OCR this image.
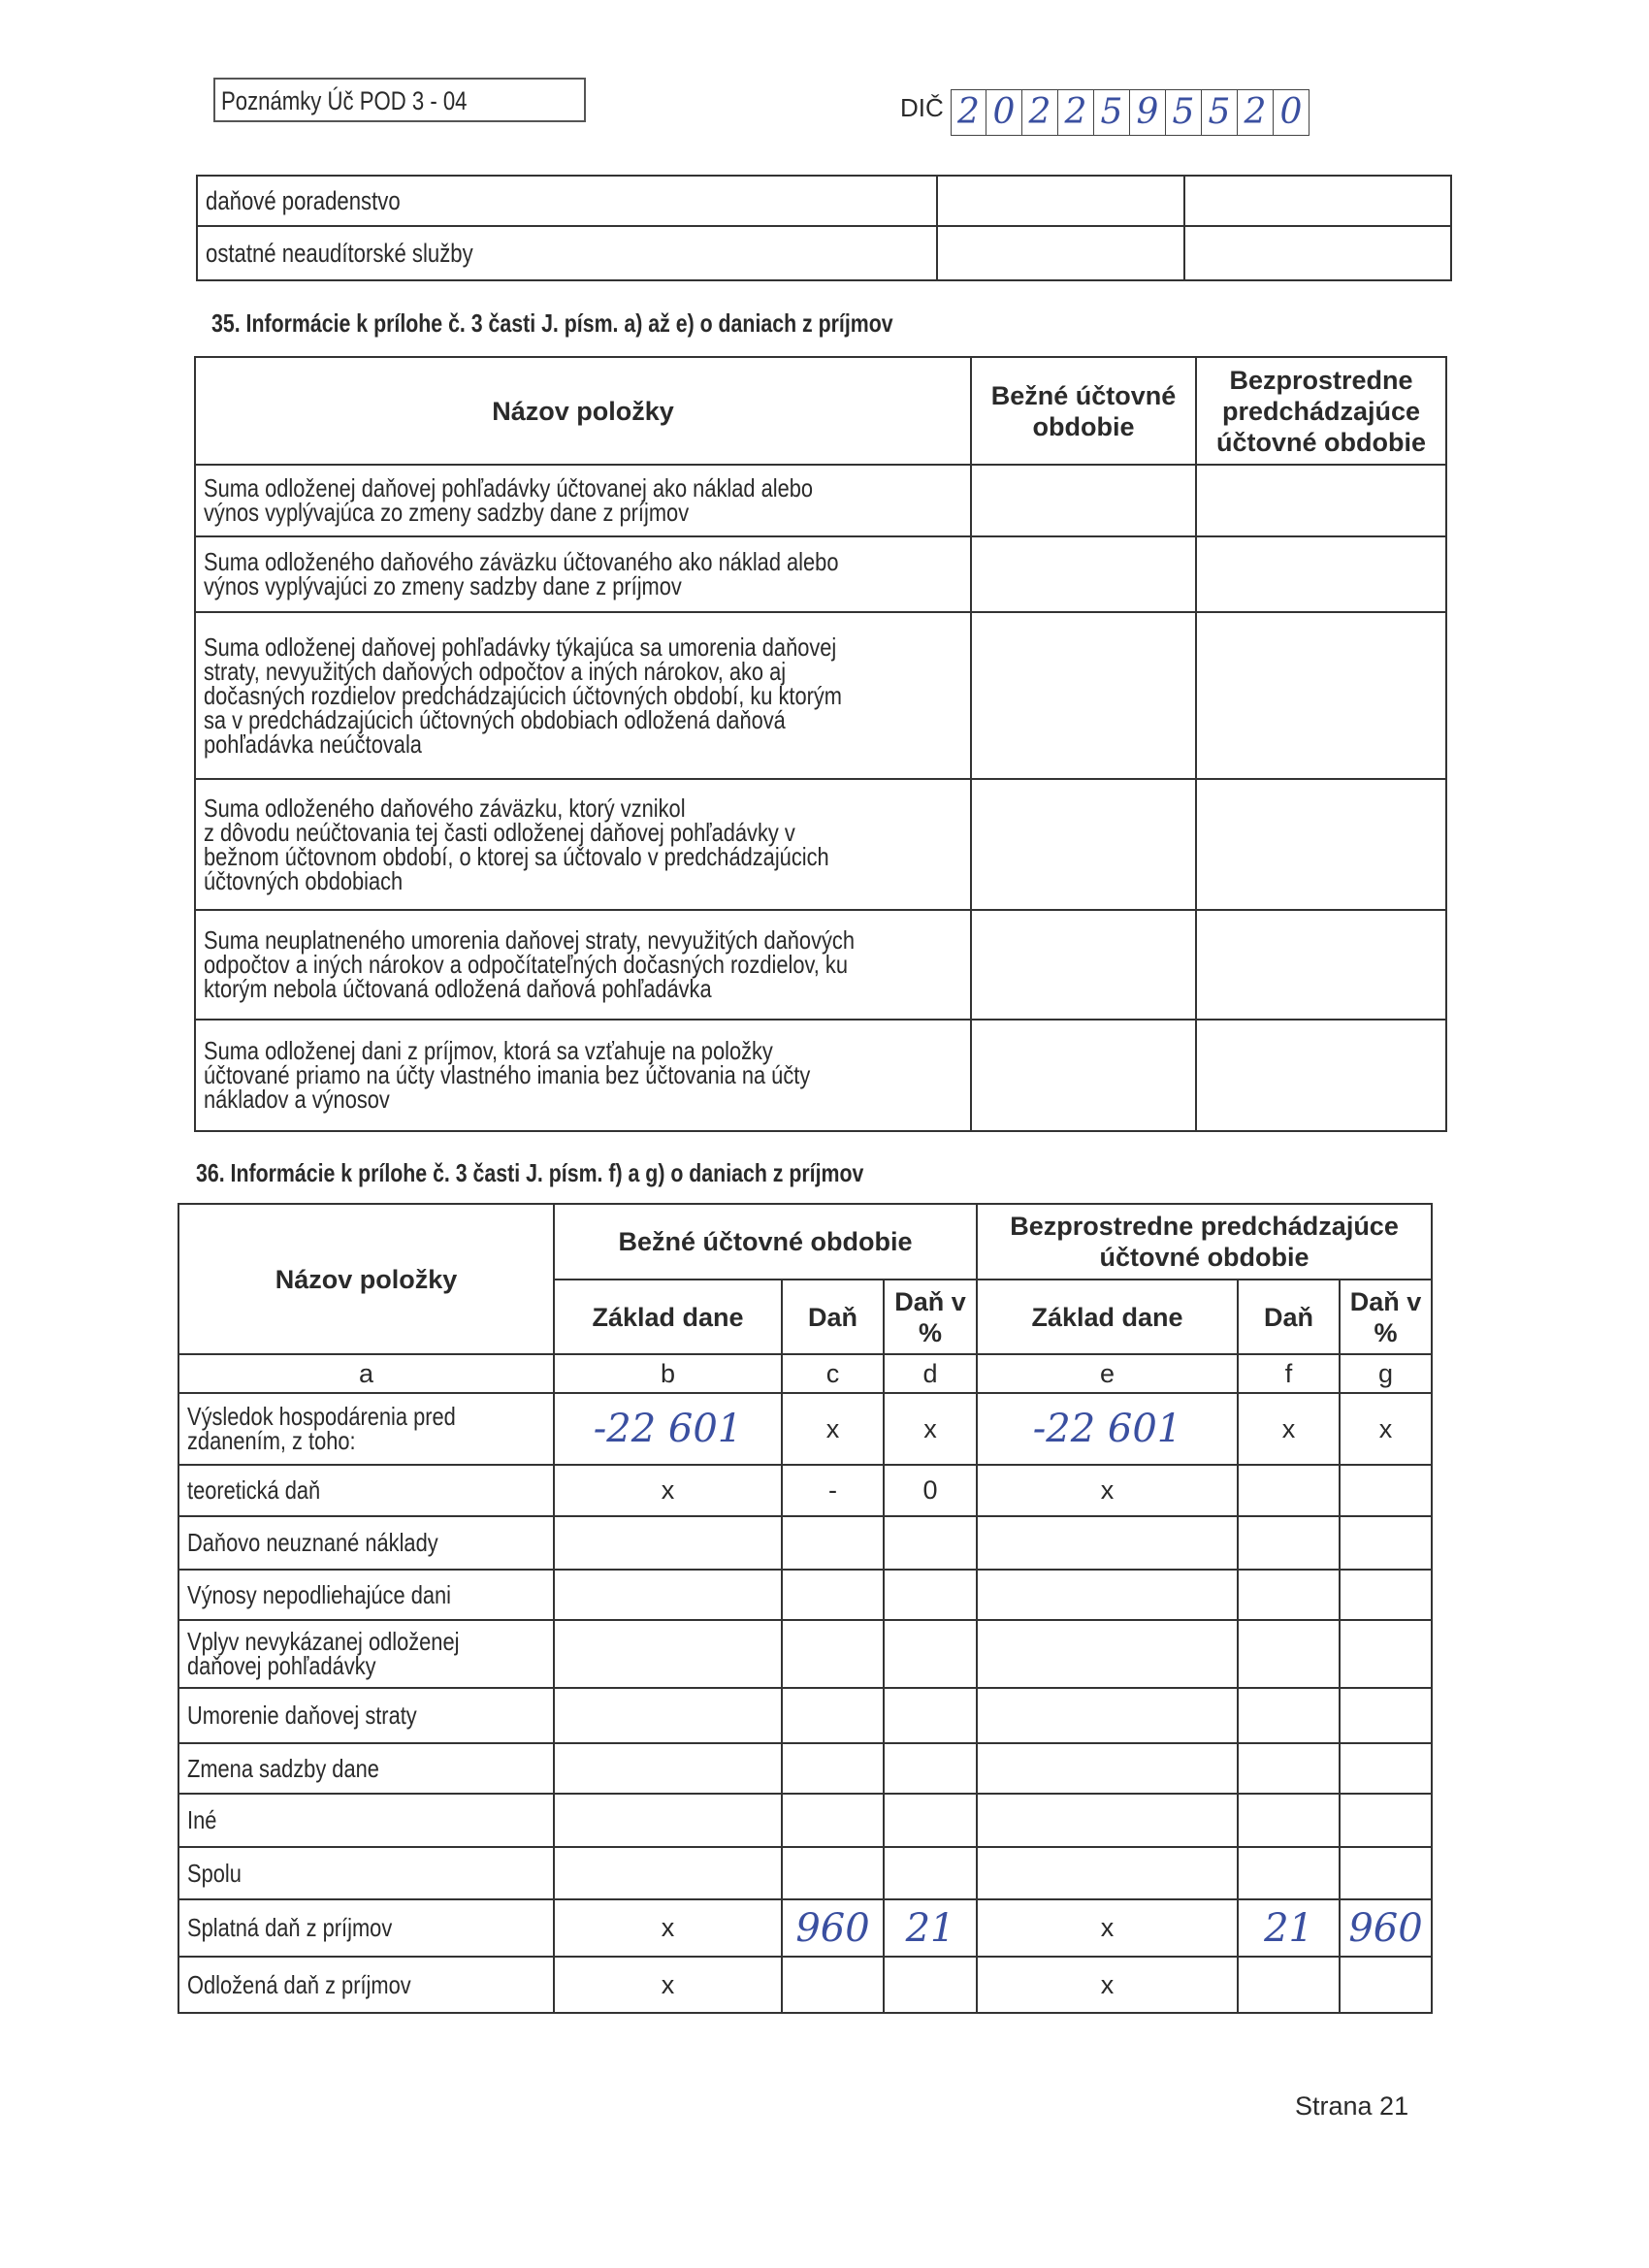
Poznámky Úč POD 3 - 04	DIČ 2 0 2 2 5 9 5 5 2 0
daňové poradenstvo		
ostatné neaudítorské služby		
35. Informácie k prílohe č. 3 časti J. písm. a) až e) o daniach z príjmov
Názov položky	Bežné účtovné obdobie	Bezprostredne predchádzajúce účtovné obdobie

Suma odloženej daňovej pohľadávky účtovanej ako náklad alebo
výnos vyplývajúca zo zmeny sadzby dane z príjmov		

Suma odloženého daňového záväzku účtovaného ako náklad alebo
výnos vyplývajúci zo zmeny sadzby dane z príjmov		

Suma odloženej daňovej pohľadávky týkajúca sa umorenia daňovej
straty, nevyužitých daňových odpočtov a iných nárokov, ako aj
dočasných rozdielov predchádzajúcich účtovných období, ku ktorým
sa v predchádzajúcich účtovných obdobiach odložená daňová
pohľadávka neúčtovala		

Suma odloženého daňového záväzku, ktorý vznikol
z dôvodu neúčtovania tej časti odloženej daňovej pohľadávky v
bežnom účtovnom období, o ktorej sa účtovalo v predchádzajúcich
účtovných obdobiach		

Suma neuplatneného umorenia daňovej straty, nevyužitých daňových
odpočtov a iných nárokov a odpočítateľných dočasných rozdielov, ku
ktorým nebola účtovaná odložená daňová pohľadávka		

Suma odloženej dani z príjmov, ktorá sa vzťahuje na položky
účtované priamo na účty vlastného imania bez účtovania na účty
nákladov a výnosov		

36. Informácie k prílohe č. 3 časti J. písm. f) a g) o daniach z príjmov
Názov položky	Bežné účtovné obdobie			Bezprostredne predchádzajúce účtovné obdobie		
	Základ dane	Daň	Daň v %	Základ dane	Daň	Daň v %
a	b	c	d	e	f	g

Výsledok hospodárenia pred zdanením, z toho:	-22 601	x	x	-22 601	x	x

teoretická daň	x	-	0	x		

Daňovo neuznané náklady						

Výnosy nepodliehajúce dani						

Vplyv nevykázanej odloženej daňovej pohľadávky						

Umorenie daňovej straty						

Zmena sadzby dane						

Iné						

Spolu						

Splatná daň z príjmov	x	960	21	x	21	960

Odložená daň z príjmov	x			x		
Strana 21
